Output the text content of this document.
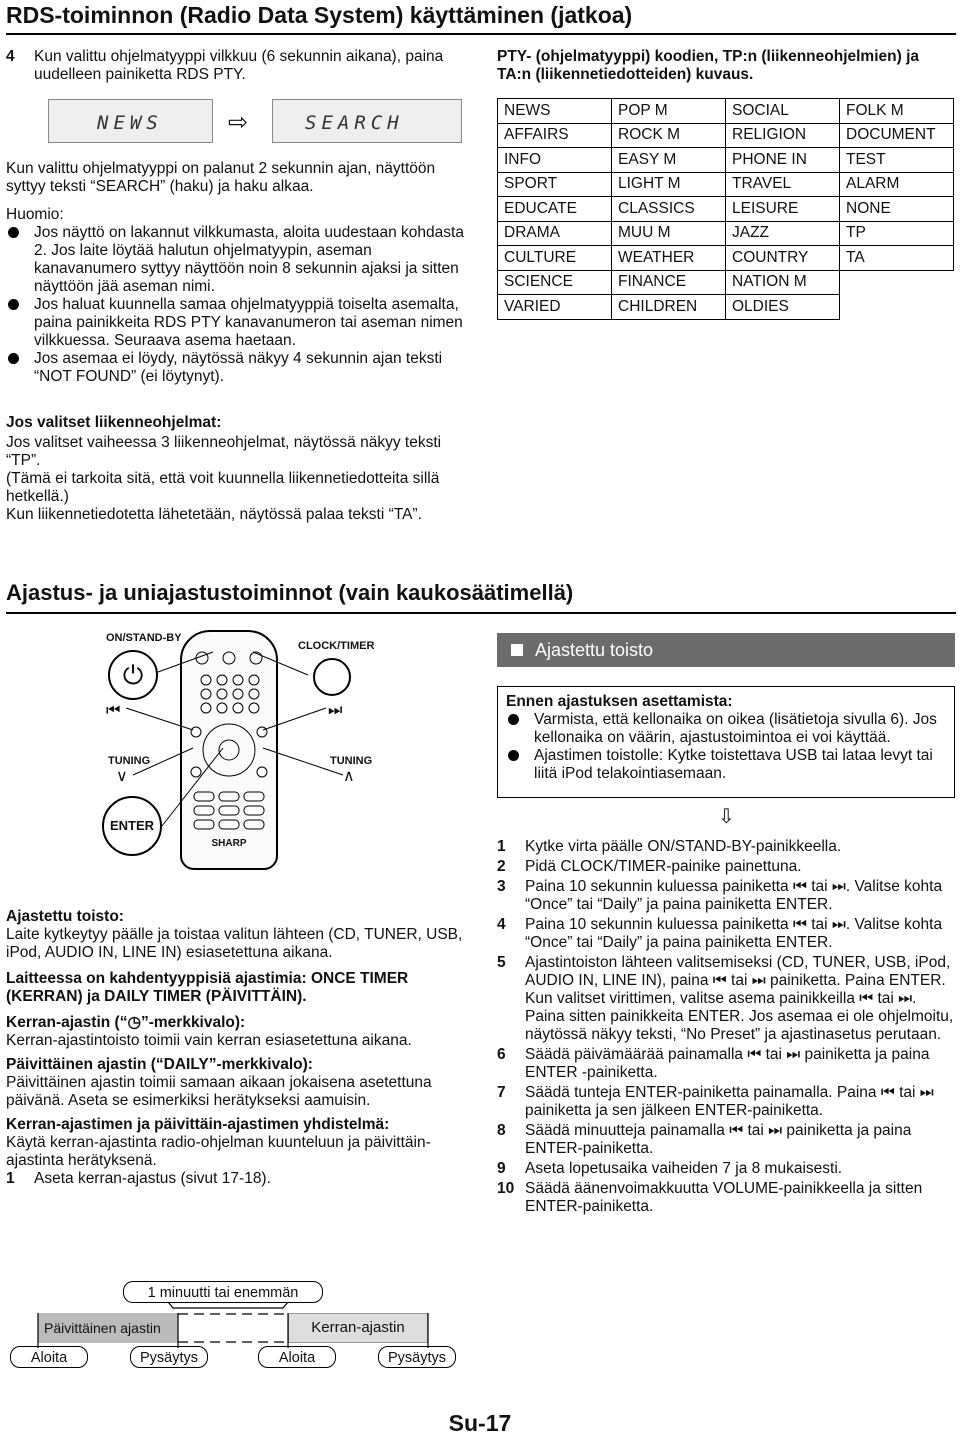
RDS-toiminnon (Radio Data System) käyttäminen (jatkoa)
4	Kun valittu ohjelmatyyppi vilkkuu (6 sekunnin aikana), paina uudelleen painiketta RDS PTY.
NEWS	⇨	SEARCH
Kun valittu ohjelmatyyppi on palanut 2 sekunnin ajan, näyttöön syttyy teksti “SEARCH” (haku) ja haku alkaa.
Huomio:
Jos näyttö on lakannut vilkkumasta, aloita uudestaan kohdasta 2. Jos laite löytää halutun ohjelmatyypin, aseman kanavanumero syttyy näyttöön noin 8 sekunnin ajaksi ja sitten näyttöön jää aseman nimi.
Jos haluat kuunnella samaa ohjelmatyyppiä toiselta asemalta, paina painikkeita RDS PTY kanavanumeron tai aseman nimen vilkkuessa. Seuraava asema haetaan.
Jos asemaa ei löydy, näytössä näkyy 4 sekunnin ajan teksti “NOT FOUND” (ei löytynyt).
Jos valitset liikenneohjelmat:
Jos valitset vaiheessa 3 liikenneohjelmat, näytössä näkyy teksti “TP”.
(Tämä ei tarkoita sitä, että voit kuunnella liikennetiedotteita sillä hetkellä.)
Kun liikennetiedotetta lähetetään, näytössä palaa teksti “TA”.
PTY- (ohjelmatyyppi) koodien, TP:n (liikenneohjelmien) ja TA:n (liikennetiedotteiden) kuvaus.
NEWS	POP M	SOCIAL	FOLK M
AFFAIRS	ROCK M	RELIGION	DOCUMENT
INFO	EASY M	PHONE IN	TEST
SPORT	LIGHT M	TRAVEL	ALARM
EDUCATE	CLASSICS	LEISURE	NONE
DRAMA	MUU M	JAZZ	TP
CULTURE	WEATHER	COUNTRY	TA
SCIENCE	FINANCE	NATION M	
VARIED	CHILDREN	OLDIES	
Ajastus- ja uniajastustoiminnot (vain kaukosäätimellä)
ON/STAND-BY
⏻
CLOCK/TIMER
⏮	⏭
TUNING
∨
TUNING
∧
ENTER
SHARP
Ajastettu toisto
Ennen ajastuksen asettamista:
Varmista, että kellonaika on oikea (lisätietoja sivulla 6). Jos kellonaika on väärin, ajastustoimintoa ei voi käyttää.
Ajastimen toistolle: Kytke toistettava USB tai lataa levyt tai liitä iPod telakointiasemaan.
⇩
1	Kytke virta päälle ON/STAND-BY-painikkeella.
2	Pidä CLOCK/TIMER-painike painettuna.
3	Paina 10 sekunnin kuluessa painiketta ⏮ tai ⏭. Valitse kohta “Once” tai “Daily” ja paina painiketta ENTER.
4	Paina 10 sekunnin kuluessa painiketta ⏮ tai ⏭. Valitse kohta “Once” tai “Daily” ja paina painiketta ENTER.
5	Ajastintoiston lähteen valitsemiseksi (CD, TUNER, USB, iPod, AUDIO IN, LINE IN), paina ⏮ tai ⏭ painiketta. Paina ENTER. Kun valitset virittimen, valitse asema painikkeilla ⏮ tai ⏭. Paina sitten painikkeita ENTER. Jos asemaa ei ole ohjelmoitu, näytössä näkyy teksti, “No Preset” ja ajastinasetus perutaan.
6	Säädä päivämäärää painamalla ⏮ tai ⏭ painiketta ja paina ENTER -painiketta.
7	Säädä tunteja ENTER-painiketta painamalla. Paina ⏮ tai ⏭ painiketta ja sen jälkeen ENTER-painiketta.
8	Säädä minuutteja painamalla ⏮ tai ⏭ painiketta ja paina ENTER-painiketta.
9	Aseta lopetusaika vaiheiden 7 ja 8 mukaisesti.
10 Säädä äänenvoimakkuutta VOLUME-painikkeella ja sitten ENTER-painiketta.
Ajastettu toisto:
Laite kytkeytyy päälle ja toistaa valitun lähteen (CD, TUNER, USB, iPod, AUDIO IN, LINE IN) esiasetettuna aikana.
Laitteessa on kahdentyyppisiä ajastimia: ONCE TIMER (KERRAN) ja DAILY TIMER (PÄIVITTÄIN).
Kerran-ajastin (“◷”-merkkivalo):
Kerran-ajastintoisto toimii vain kerran esiasetettuna aikana.
Päivittäinen ajastin (“DAILY”-merkkivalo):
Päivittäinen ajastin toimii samaan aikaan jokaisena asetettuna päivänä. Aseta se esimerkiksi herätykseksi aamuisin.
Kerran-ajastimen ja päivittäin-ajastimen yhdistelmä:
Käytä kerran-ajastinta radio-ohjelman kuunteluun ja päivittäin-ajastinta herätyksenä.
1	Aseta kerran-ajastus (sivut 17-18).
1 minuutti tai enemmän
Päivittäinen ajastin	Kerran-ajastin
Aloita	Pysäytys	Aloita	Pysäytys
Su-17
